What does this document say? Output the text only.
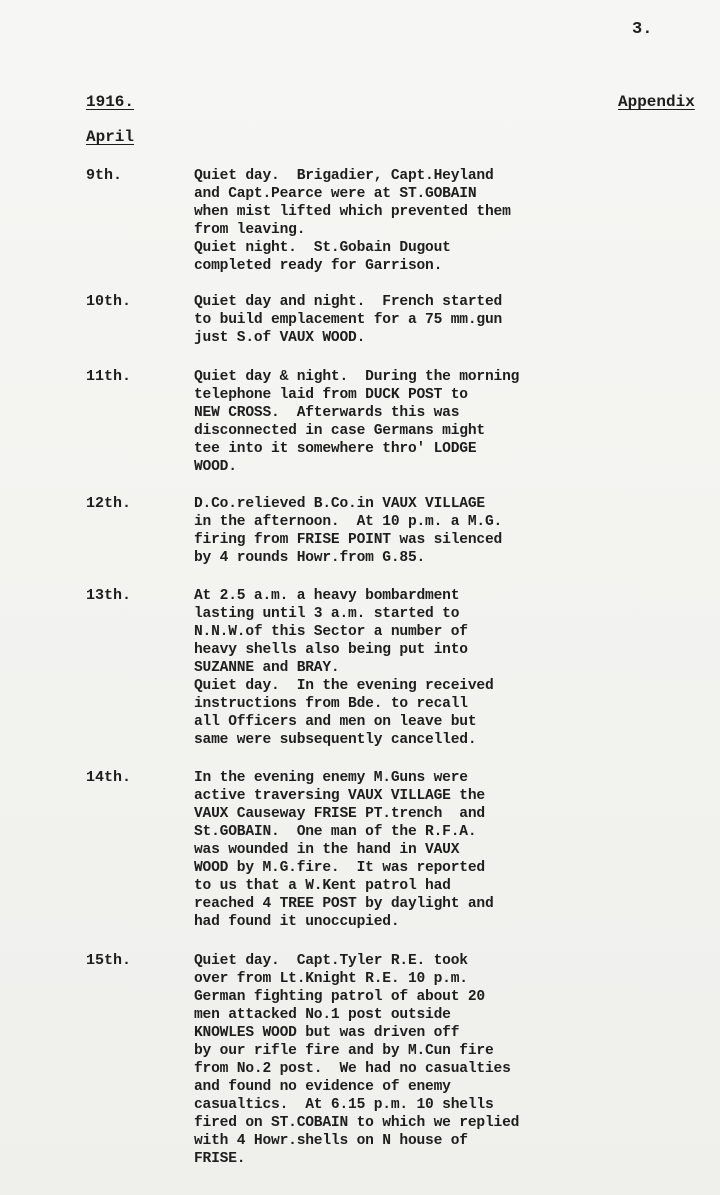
3.
1916.	Appendix
April
9th.	Quiet day.  Brigadier, Capt.Heyland
and Capt.Pearce were at ST.GOBAIN
when mist lifted which prevented them
from leaving.
Quiet night.  St.Gobain Dugout
completed ready for Garrison.
10th.	Quiet day and night.  French started
to build emplacement for a 75 mm.gun
just S.of VAUX WOOD.
11th.	Quiet day & night.  During the morning
telephone laid from DUCK POST to
NEW CROSS.  Afterwards this was
disconnected in case Germans might
tee into it somewhere thro' LODGE
WOOD.
12th.	D.Co.relieved B.Co.in VAUX VILLAGE
in the afternoon.  At 10 p.m. a M.G.
firing from FRISE POINT was silenced
by 4 rounds Howr.from G.85.
13th.	At 2.5 a.m. a heavy bombardment
lasting until 3 a.m. started to
N.N.W.of this Sector a number of
heavy shells also being put into
SUZANNE and BRAY.
Quiet day.  In the evening received
instructions from Bde. to recall
all Officers and men on leave but
same were subsequently cancelled.
14th.	In the evening enemy M.Guns were
active traversing VAUX VILLAGE the
VAUX Causeway FRISE PT.trench  and
St.GOBAIN.  One man of the R.F.A.
was wounded in the hand in VAUX
WOOD by M.G.fire.  It was reported
to us that a W.Kent patrol had
reached 4 TREE POST by daylight and
had found it unoccupied.
15th.	Quiet day.  Capt.Tyler R.E. took
over from Lt.Knight R.E. 10 p.m.
German fighting patrol of about 20
men attacked No.1 post outside
KNOWLES WOOD but was driven off
by our rifle fire and by M.Cun fire
from No.2 post.  We had no casualties
and found no evidence of enemy
casualtics.  At 6.15 p.m. 10 shells
fired on ST.COBAIN to which we replied
with 4 Howr.shells on N house of
FRISE.
